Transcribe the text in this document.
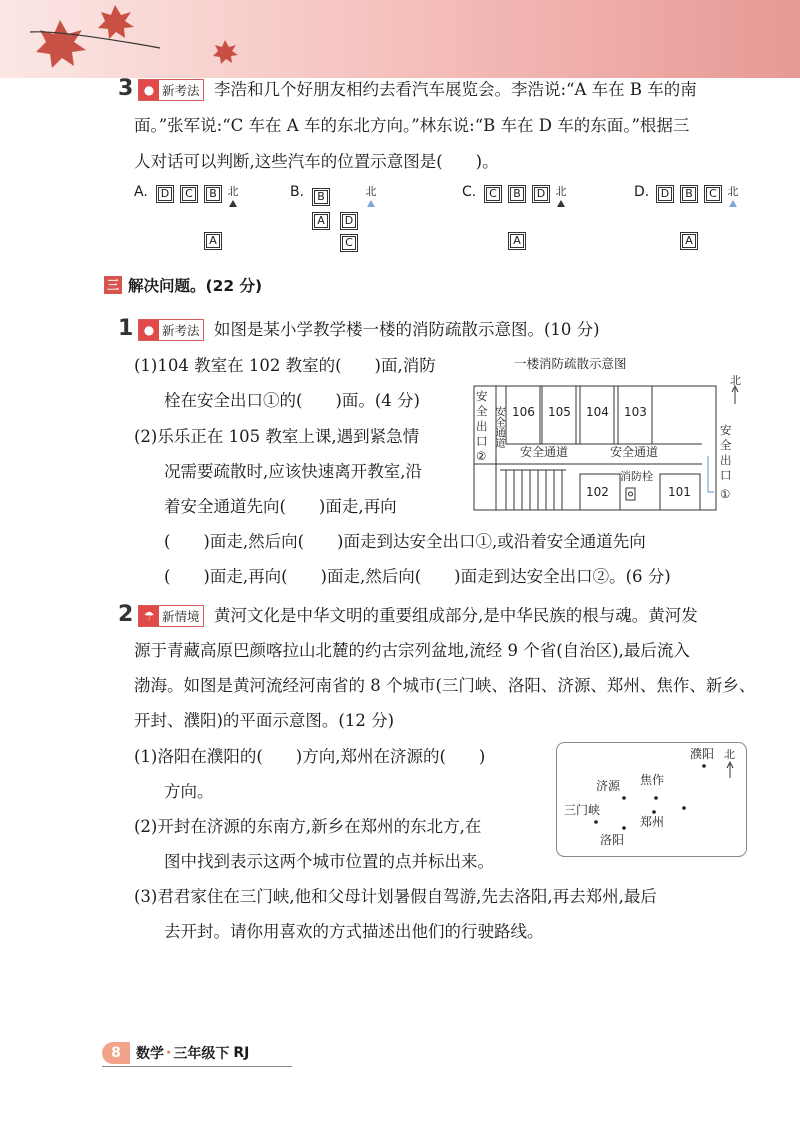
3 ● 新考法 李浩和几个好朋友相约去看汽车展览会。李浩说:“A 车在 B 车的南
面。”张军说:“C 车在 A 车的东北方向。”林东说:“B 车在 D 车的东面。”根据三
人对话可以判断,这些汽车的位置示意图是(　　)。
A. D C B 北
A
B. B
A D
C
北	C. C B D 北
A
D. D B C 北
A
三 解决问题。(22 分)
1 ● 新考法 如图是某小学教学楼一楼的消防疏散示意图。(10 分)
(1)104 教室在 102 教室的(　　)面,消防
栓在安全出口①的(　　)面。(4 分)
(2)乐乐正在 105 教室上课,遇到紧急情
况需要疏散时,应该快速离开教室,沿
着安全通道先向(　　)面走,再向
(　　)面走,然后向(　　)面走到达安全出口①,或沿着安全通道先向
(　　)面走,再向(　　)面走,然后向(　　)面走到达安全出口②。(6 分)
一楼消防疏散示意图
北
106 105 104 103
安
全
出
口
②
安全通道
安全通道	安全通道
102	101
消防栓
安
全
出
口
①
2 ☂ 新情境 黄河文化是中华文明的重要组成部分,是中华民族的根与魂。黄河发
源于青藏高原巴颜喀拉山北麓的约古宗列盆地,流经 9 个省(自治区),最后流入
渤海。如图是黄河流经河南省的 8 个城市(三门峡、洛阳、济源、郑州、焦作、新乡、
开封、濮阳)的平面示意图。(12 分)
(1)洛阳在濮阳的(　　)方向,郑州在济源的(　　)
方向。
(2)开封在济源的东南方,新乡在郑州的东北方,在
图中找到表示这两个城市位置的点并标出来。
(3)君君家住在三门峡,他和父母计划暑假自驾游,先去洛阳,再去郑州,最后
去开封。请你用喜欢的方式描述出他们的行驶路线。
北
濮阳
济源 焦作
三门峡
郑州
洛阳
8	数学 · 三年级下 RJ
